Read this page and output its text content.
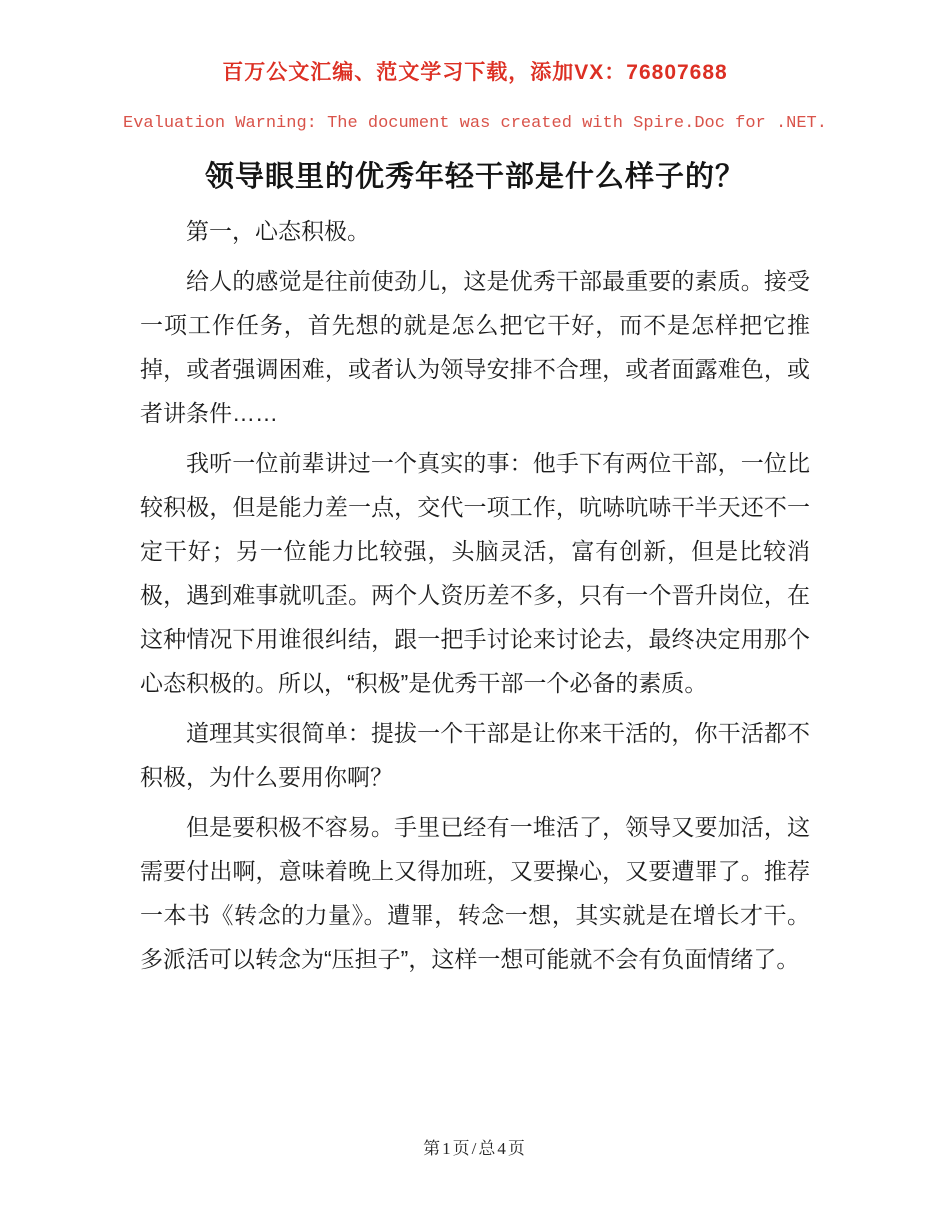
百万公文汇编、范文学习下载，添加VX：76807688
Evaluation Warning: The document was created with Spire.Doc for .NET.
领导眼里的优秀年轻干部是什么样子的？

第一，心态积极。

给人的感觉是往前使劲儿，这是优秀干部最重要的素质。接受一项工作任务，首先想的就是怎么把它干好，而不是怎样把它推掉，或者强调困难，或者认为领导安排不合理，或者面露难色，或者讲条件……

我听一位前辈讲过一个真实的事：他手下有两位干部，一位比较积极，但是能力差一点，交代一项工作，吭哧吭哧干半天还不一定干好；另一位能力比较强，头脑灵活，富有创新，但是比较消极，遇到难事就叽歪。两个人资历差不多，只有一个晋升岗位，在这种情况下用谁很纠结，跟一把手讨论来讨论去，最终决定用那个心态积极的。所以，“积极”是优秀干部一个必备的素质。

道理其实很简单：提拔一个干部是让你来干活的，你干活都不积极，为什么要用你啊？

但是要积极不容易。手里已经有一堆活了，领导又要加活，这需要付出啊，意味着晚上又得加班，又要操心，又要遭罪了。推荐一本书《转念的力量》。遭罪，转念一想，其实就是在增长才干。多派活可以转念为“压担子”，这样一想可能就不会有负面情绪了。

第1页/总4页
